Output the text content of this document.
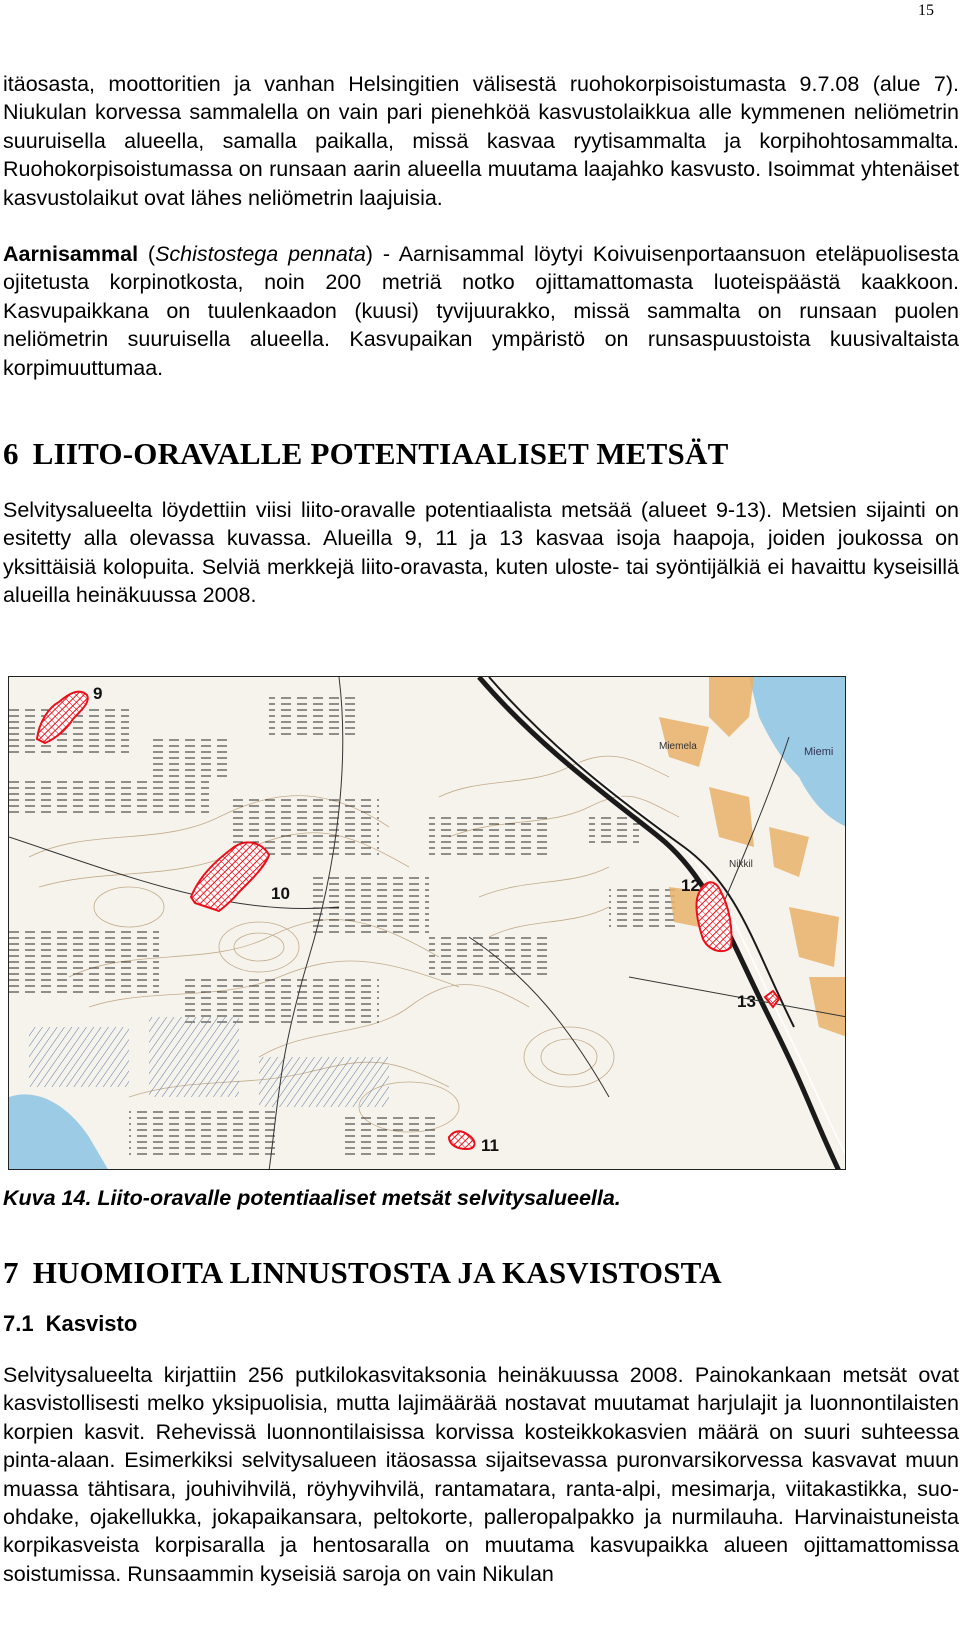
15

itäosasta, moottoritien ja vanhan Helsingitien välisestä ruohokorpisoistumasta 9.7.08 (alue 7). Niukulan korvessa sammalella on vain pari pienehköä kasvustolaikkua alle kymmenen neliömetrin suuruisella alueella, samalla paikalla, missä kasvaa ryytisammalta ja korpihohtosammalta. Ruohokorpisoistumassa on runsaan aarin alueella muutama laajahko kasvusto. Isoimmat yhtenäiset kasvustolaikut ovat lähes neliömetrin laajuisia.

Aarnisammal (Schistostega pennata) - Aarnisammal löytyi Koivuisenportaansuon eteläpuolisesta ojitetusta korpinotkosta, noin 200 metriä notko ojittamattomasta luoteispäästä kaakkoon. Kasvupaikkana on tuulenkaadon (kuusi) tyvijuurakko, missä sammalta on runsaan puolen neliömetrin suuruisella alueella. Kasvupaikan ympäristö on runsaspuustoista kuusivaltaista korpimuuttumaa.

6 LIITO-ORAVALLE POTENTIAALISET METSÄT

Selvitysalueelta löydettiin viisi liito-oravalle potentiaalista metsää (alueet 9-13). Metsien sijainti on esitetty alla olevassa kuvassa. Alueilla 9, 11 ja 13 kasvaa isoja haapoja, joiden joukossa on yksittäisiä kolopuita. Selviä merkkejä liito-oravasta, kuten uloste- tai syöntijälkiä ei havaittu kyseisillä alueilla heinäkuussa 2008.

Miemela	Miemi
Nikkil
9
10
11
12
13
Kuva 14. Liito-oravalle potentiaaliset metsät selvitysalueella.
7 HUOMIOITA LINNUSTOSTA JA KASVISTOSTA
7.1 Kasvisto

Selvitysalueelta kirjattiin 256 putkilokasvitaksonia heinäkuussa 2008. Painokankaan metsät ovat kasvistollisesti melko yksipuolisia, mutta lajimäärää nostavat muutamat harjulajit ja luonnontilaisten korpien kasvit. Rehevissä luonnontilaisissa korvissa kosteikkokasvien määrä on suuri suhteessa pinta-alaan. Esimerkiksi selvitysalueen itäosassa sijaitsevassa puronvarsikorvessa kasvavat muun muassa tähtisara, jouhivihvilä, röyhyvihvilä, rantamatara, ranta-alpi, mesimarja, viitakastikka, suo-ohdake, ojakellukka, jokapaikansara, peltokorte, palleropalpakko ja nurmilauha. Harvinaistuneista korpikasveista korpisaralla ja hentosaralla on muutama kasvupaikka alueen ojittamattomissa soistumissa. Runsaammin kyseisiä saroja on vain Nikulan
